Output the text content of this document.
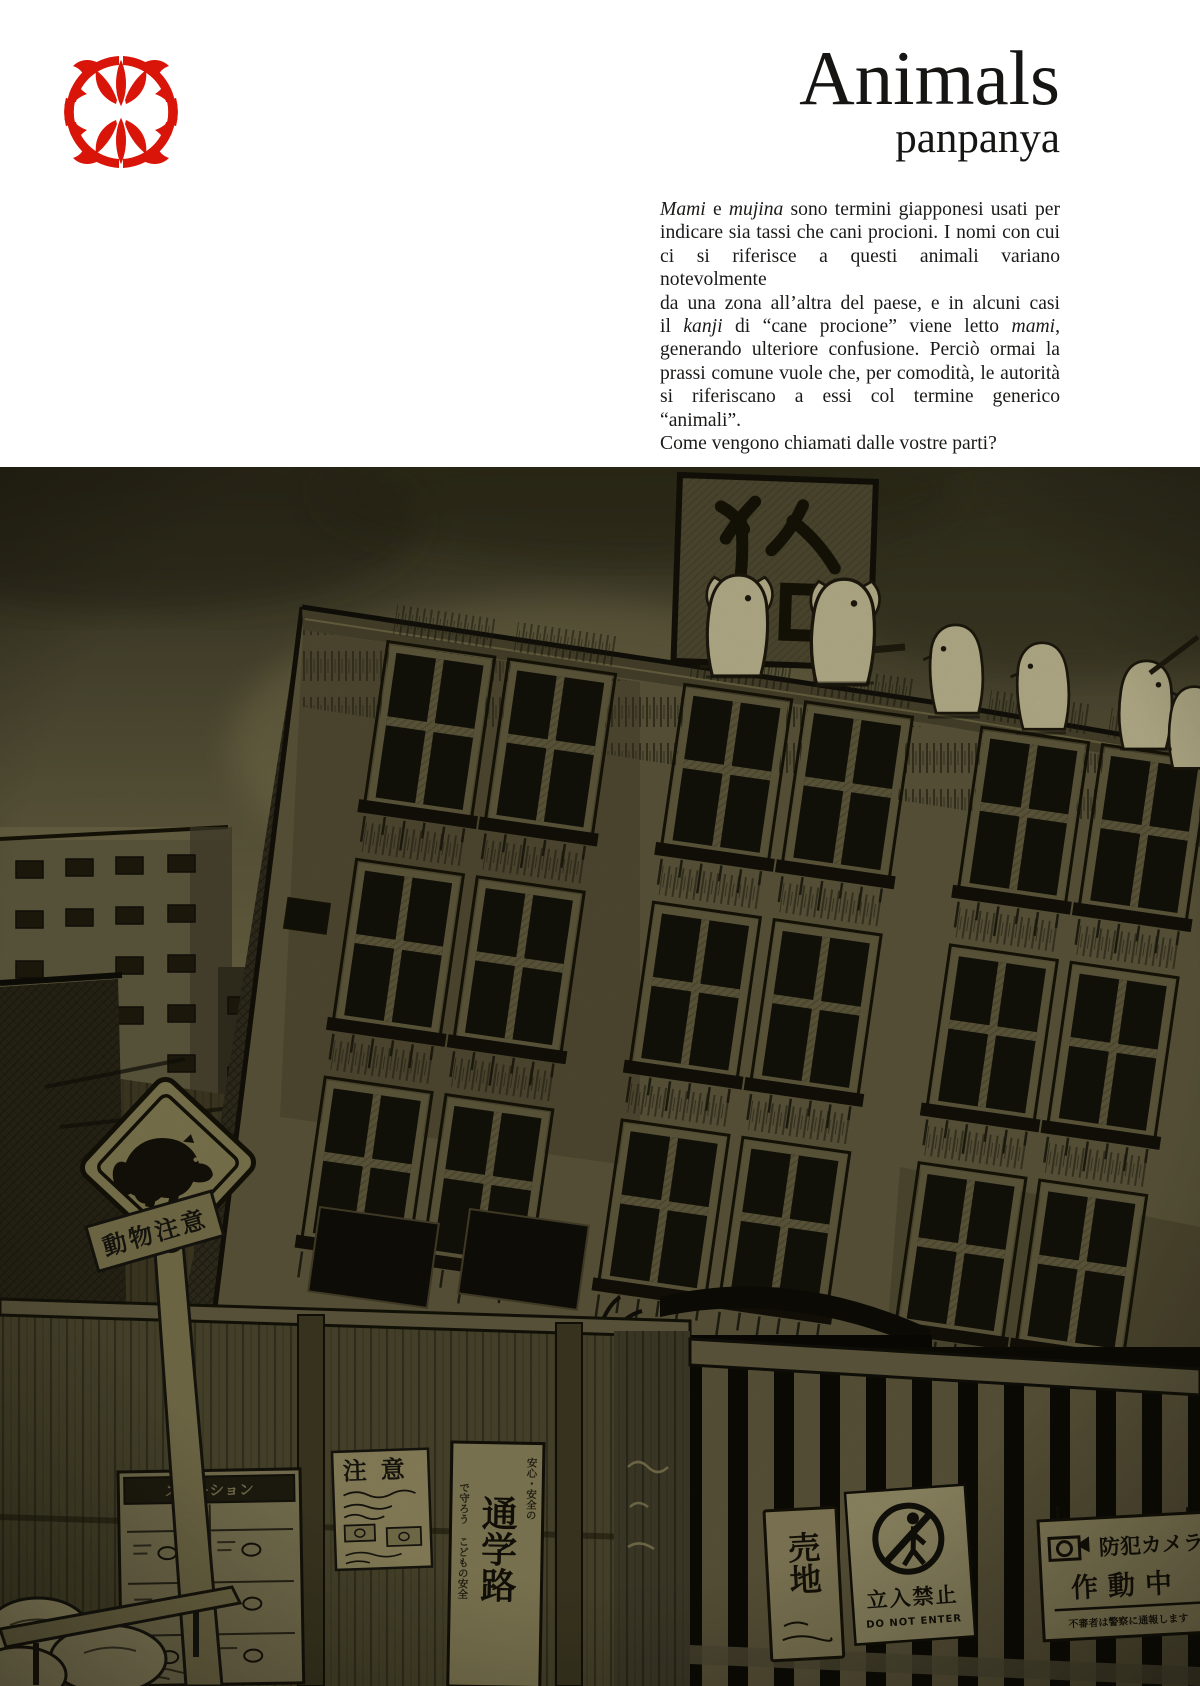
Animals
panpanya
Mami e mujina sono termini giapponesi usati per
indicare sia tassi che cani procioni. I nomi con cui
ci si riferisce a questi animali variano notevolmente
da una zona all’altra del paese, e in alcuni casi
il kanji di “cane procione” viene letto mami,
generando ulteriore confusione. Perciò ormai la
prassi comune vuole che, per comodità, le autorità
si riferiscano a essi col termine generico “animali”.
Come vengono chiamati dalle vostre parti?
